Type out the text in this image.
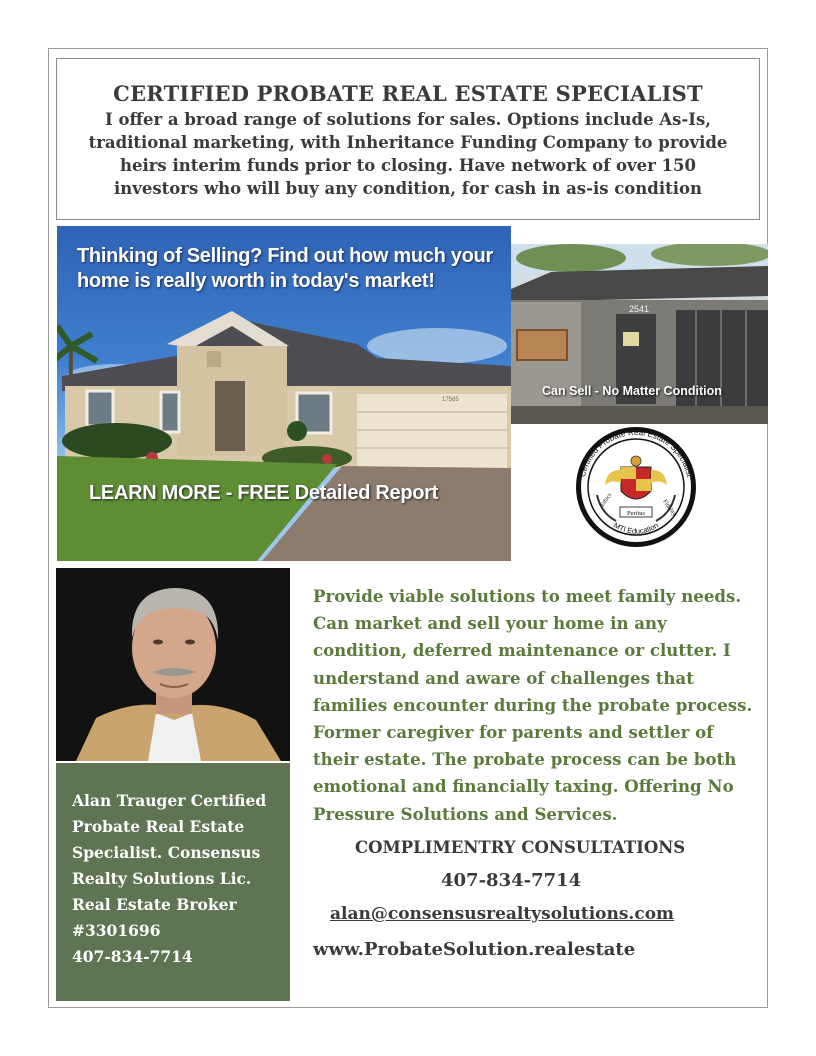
CERTIFIED PROBATE REAL ESTATE SPECIALIST
I offer a broad range of solutions for sales. Options include As-Is,
traditional marketing, with Inheritance Funding Company to provide
heirs interim funds prior to closing. Have network of over 150
investors who will buy any condition, for cash in as-is condition
17565
Thinking of Selling? Find out how much your
home is really worth in today's market!
LEARN MORE - FREE Detailed Report
2541
Can Sell - No Matter Condition
Certified Probate Real Estate Specialist
Ethics
Peritus	Fidelity
MTI Education
Alan Trauger Certified
Probate Real Estate
Specialist. Consensus
Realty Solutions Lic.
Real Estate Broker
#3301696
407-834-7714
Provide viable solutions to meet family needs.
Can market and sell your home in any
condition, deferred maintenance or clutter. I
understand and aware of challenges that
families encounter during the probate process.
Former caregiver for parents and settler of
their estate. The probate process can be both
emotional and financially taxing. Offering No
Pressure Solutions and Services.
COMPLIMENTRY CONSULTATIONS
407-834-7714
alan@consensusrealtysolutions.com
www.ProbateSolution.realestate
